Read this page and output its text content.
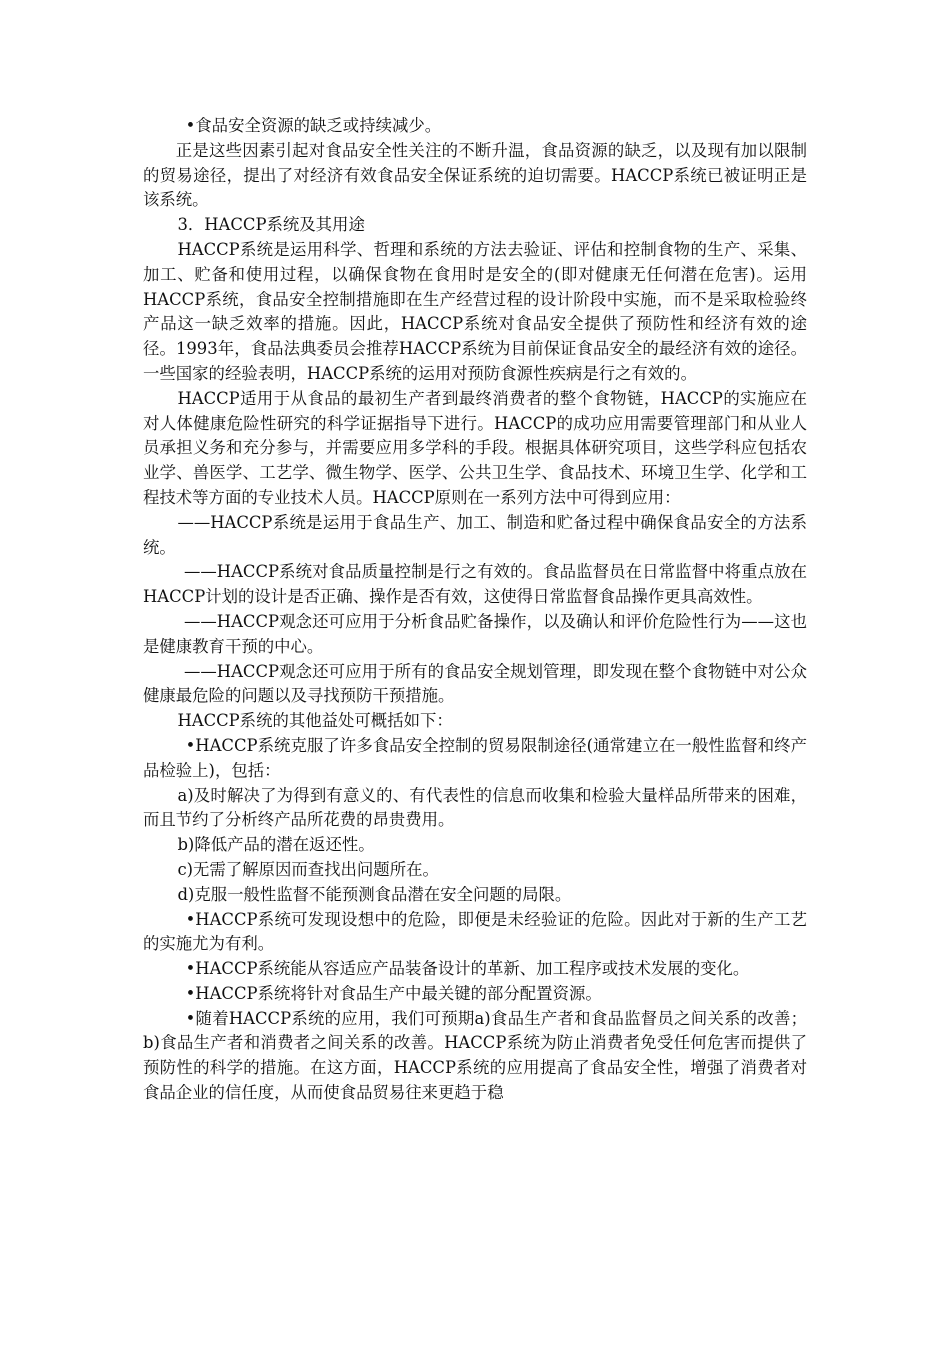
•食品安全资源的缺乏或持续减少。

正是这些因素引起对食品安全性关注的不断升温，食品资源的缺乏，以及现有加以限制的贸易途径，提出了对经济有效食品安全保证系统的迫切需要。HACCP系统已被证明正是该系统。

3．HACCP系统及其用途

HACCP系统是运用科学、哲理和系统的方法去验证、评估和控制食物的生产、采集、加工、贮备和使用过程，以确保食物在食用时是安全的(即对健康无任何潜在危害)。运用HACCP系统，食品安全控制措施即在生产经营过程的设计阶段中实施，而不是采取检验终产品这一缺乏效率的措施。因此，HACCP系统对食品安全提供了预防性和经济有效的途径。1993年，食品法典委员会推荐HACCP系统为目前保证食品安全的最经济有效的途径。一些国家的经验表明，HACCP系统的运用对预防食源性疾病是行之有效的。

HACCP适用于从食品的最初生产者到最终消费者的整个食物链，HACCP的实施应在对人体健康危险性研究的科学证据指导下进行。HACCP的成功应用需要管理部门和从业人员承担义务和充分参与，并需要应用多学科的手段。根据具体研究项目，这些学科应包括农业学、兽医学、工艺学、微生物学、医学、公共卫生学、食品技术、环境卫生学、化学和工程技术等方面的专业技术人员。HACCP原则在一系列方法中可得到应用：

——HACCP系统是运用于食品生产、加工、制造和贮备过程中确保食品安全的方法系统。

——HACCP系统对食品质量控制是行之有效的。食品监督员在日常监督中将重点放在HACCP计划的设计是否正确、操作是否有效，这使得日常监督食品操作更具高效性。

——HACCP观念还可应用于分析食品贮备操作，以及确认和评价危险性行为——这也是健康教育干预的中心。

——HACCP观念还可应用于所有的食品安全规划管理，即发现在整个食物链中对公众健康最危险的问题以及寻找预防干预措施。

HACCP系统的其他益处可概括如下：

•HACCP系统克服了许多食品安全控制的贸易限制途径(通常建立在一般性监督和终产品检验上)，包括：

a)及时解决了为得到有意义的、有代表性的信息而收集和检验大量样品所带来的困难，而且节约了分析终产品所花费的昂贵费用。

b)降低产品的潜在返还性。

c)无需了解原因而查找出问题所在。

d)克服一般性监督不能预测食品潜在安全问题的局限。

•HACCP系统可发现设想中的危险，即便是未经验证的危险。因此对于新的生产工艺的实施尤为有利。

•HACCP系统能从容适应产品装备设计的革新、加工程序或技术发展的变化。

•HACCP系统将针对食品生产中最关键的部分配置资源。

•随着HACCP系统的应用，我们可预期a)食品生产者和食品监督员之间关系的改善；b)食品生产者和消费者之间关系的改善。HACCP系统为防止消费者免受任何危害而提供了预防性的科学的措施。在这方面，HACCP系统的应用提高了食品安全性，增强了消费者对食品企业的信任度，从而使食品贸易往来更趋于稳
